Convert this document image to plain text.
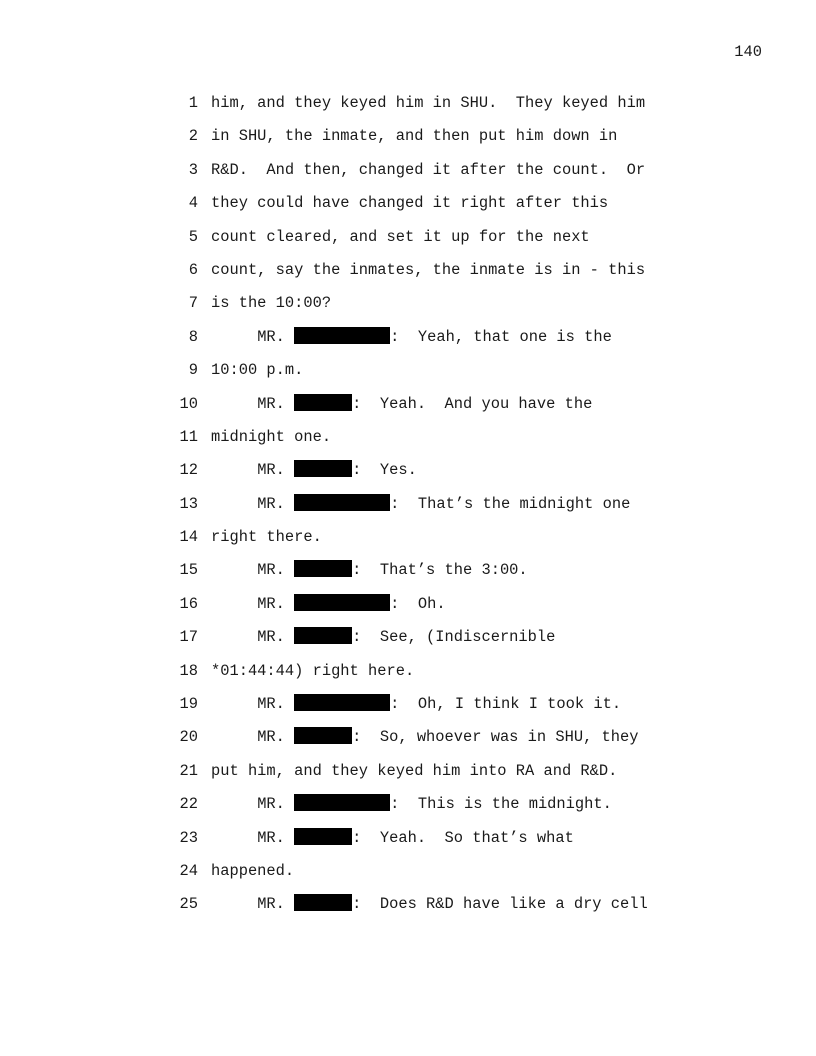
140
1 him, and they keyed him in SHU.  They keyed him
2 in SHU, the inmate, and then put him down in
3 R&D.  And then, changed it after the count.  Or
4 they could have changed it right after this
5 count cleared, and set it up for the next
6 count, say the inmates, the inmate is in - this
7 is the 10:00?
8	MR.	:  Yeah, that one is the
9 10:00 p.m.
10	MR.	:  Yeah.  And you have the
11 midnight one.
12	MR.	:  Yes.
13	MR.	:  That’s the midnight one
14 right there.
15	MR.	:  That’s the 3:00.
16	MR.	:  Oh.
17	MR.	:  See, (Indiscernible
18 *01:44:44) right here.
19	MR.	:  Oh, I think I took it.
20	MR.	:  So, whoever was in SHU, they
21 put him, and they keyed him into RA and R&D.
22	MR.	:  This is the midnight.
23	MR.	:  Yeah.  So that’s what
24 happened.
25	MR.	:  Does R&D have like a dry cell
